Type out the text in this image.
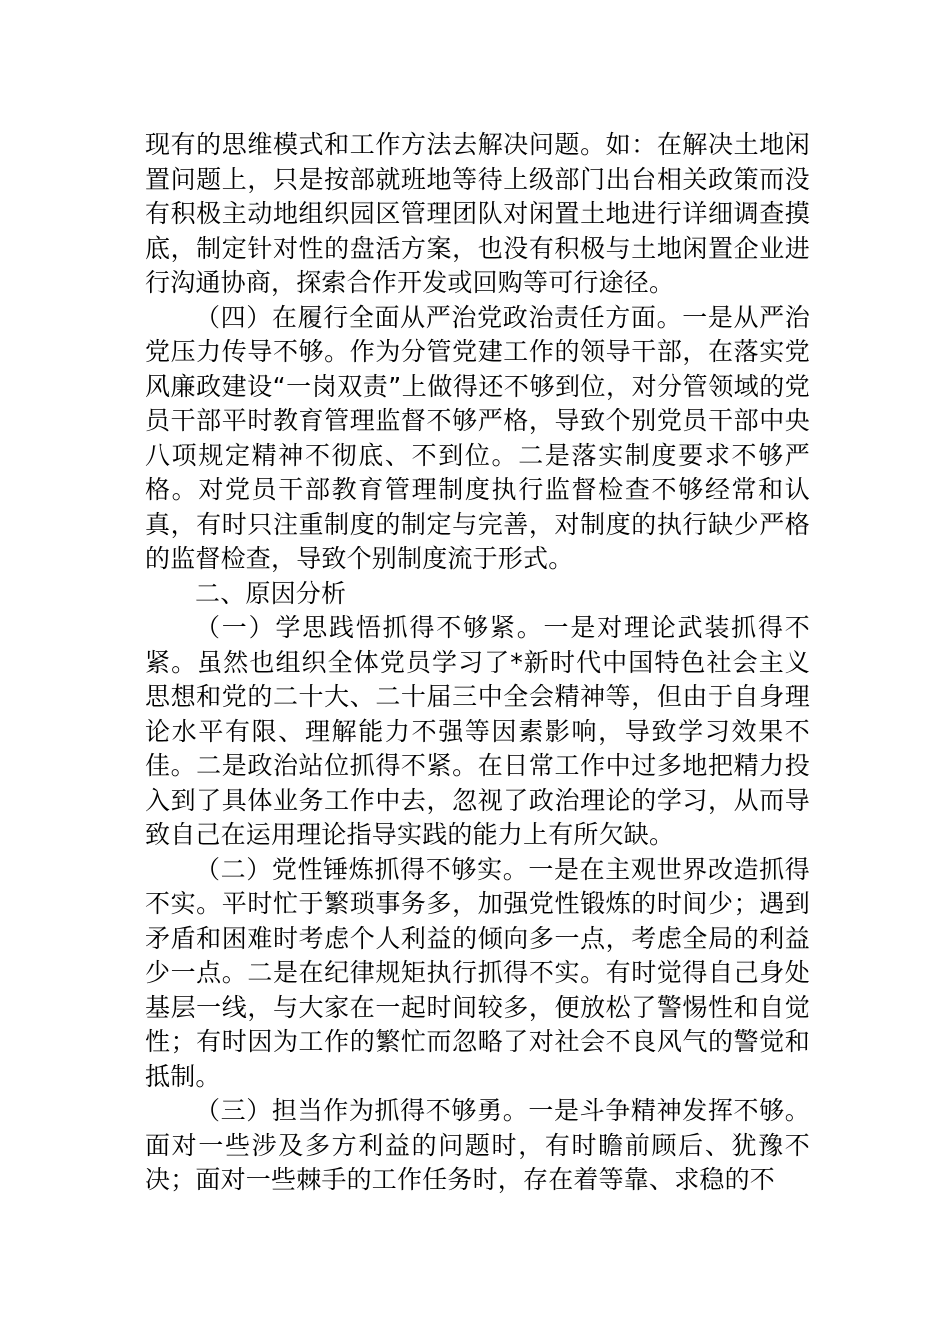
现有的思维模式和工作方法去解决问题。如：在解决土地闲置问题上，只是按部就班地等待上级部门出台相关政策而没有积极主动地组织园区管理团队对闲置土地进行详细调查摸底，制定针对性的盘活方案，也没有积极与土地闲置企业进行沟通协商，探索合作开发或回购等可行途径。

（四）在履行全面从严治党政治责任方面。一是从严治党压力传导不够。作为分管党建工作的领导干部，在落实党风廉政建设“一岗双责”上做得还不够到位，对分管领域的党员干部平时教育管理监督不够严格，导致个别党员干部中央八项规定精神不彻底、不到位。二是落实制度要求不够严格。对党员干部教育管理制度执行监督检查不够经常和认真，有时只注重制度的制定与完善，对制度的执行缺少严格的监督检查，导致个别制度流于形式。

二、原因分析

（一）学思践悟抓得不够紧。一是对理论武装抓得不紧。虽然也组织全体党员学习了*新时代中国特色社会主义思想和党的二十大、二十届三中全会精神等，但由于自身理论水平有限、理解能力不强等因素影响，导致学习效果不佳。二是政治站位抓得不紧。在日常工作中过多地把精力投入到了具体业务工作中去，忽视了政治理论的学习，从而导致自己在运用理论指导实践的能力上有所欠缺。

（二）党性锤炼抓得不够实。一是在主观世界改造抓得不实。平时忙于繁琐事务多，加强党性锻炼的时间少；遇到矛盾和困难时考虑个人利益的倾向多一点，考虑全局的利益少一点。二是在纪律规矩执行抓得不实。有时觉得自己身处基层一线，与大家在一起时间较多，便放松了警惕性和自觉性；有时因为工作的繁忙而忽略了对社会不良风气的警觉和抵制。

（三）担当作为抓得不够勇。一是斗争精神发挥不够。面对一些涉及多方利益的问题时，有时瞻前顾后、犹豫不决；面对一些棘手的工作任务时，存在着等靠、求稳的不
